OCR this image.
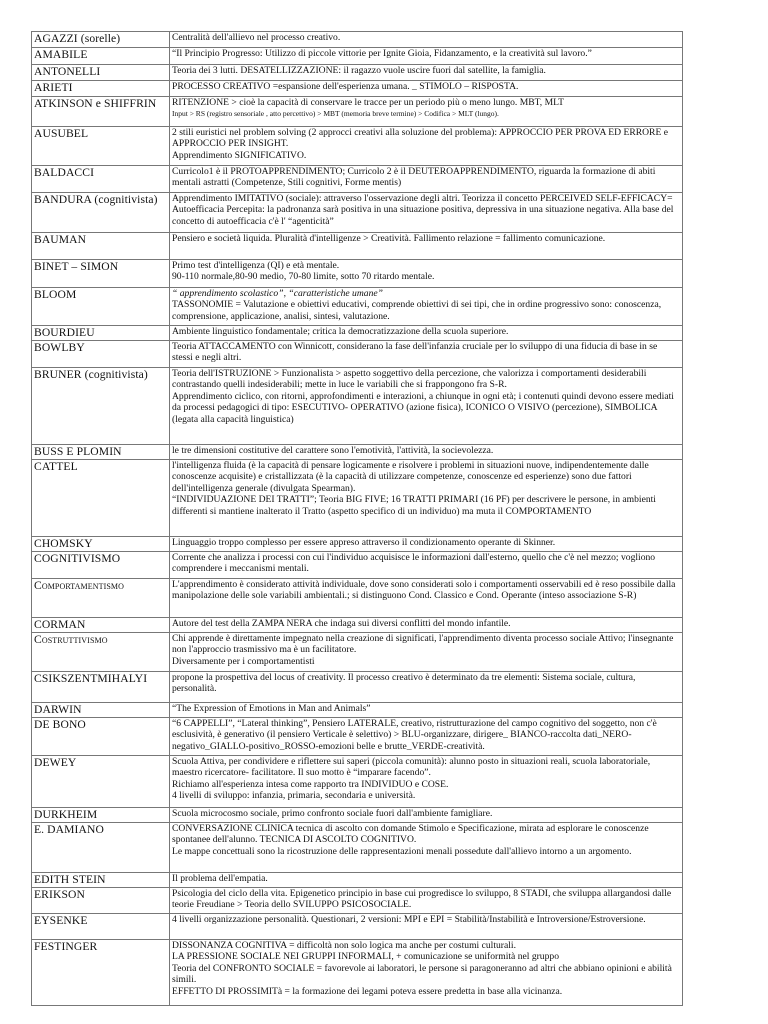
AGAZZI (sorelle)	Centralità dell'allievo nel processo creativo.

AMABILE	“Il Principio Progresso: Utilizzo di piccole vittorie per Ignite Gioia, Fidanzamento, e la creatività sul lavoro.”

ANTONELLI	Teoria dei 3 lutti. DESATELLIZZAZIONE: il ragazzo vuole uscire fuori dal satellite, la famiglia.

ARIETI	PROCESSO CREATIVO =espansione dell'esperienza umana. _ STIMOLO – RISPOSTA.

ATKINSON e SHIFFRIN	RITENZIONE > cioè la capacità di conservare le tracce per un periodo più o meno lungo. MBT, MLT
Input > RS (registro sensoriale , atto percettivo) > MBT (memoria breve termine) > Codifica > MLT (lungo).

AUSUBEL	2 stili euristici nel problem solving (2 approcci creativi alla soluzione del problema): APPROCCIO PER PROVA ED ERRORE e APPROCCIO PER INSIGHT.
Apprendimento SIGNIFICATIVO.

BALDACCI	Curricolo1 è il PROTOAPPRENDIMENTO; Curricolo 2 è il DEUTEROAPPRENDIMENTO, riguarda la formazione di abiti mentali astratti (Competenze, Stili cognitivi, Forme mentis)

BANDURA (cognitivista)	Apprendimento IMITATIVO (sociale): attraverso l'osservazione degli altri. Teorizza il concetto PERCEIVED SELF-EFFICACY= Autoefficacia Percepita: la padronanza sarà positiva in una situazione positiva, depressiva in una situazione negativa. Alla base del concetto di autoefficacia c'è l' “agenticità”

BAUMAN	Pensiero e società liquida. Pluralità d'intelligenze > Creatività. Fallimento relazione = fallimento comunicazione.

BINET – SIMON	Primo test d'intelligenza (QI) e età mentale.
90-110 normale,80-90 medio, 70-80 limite, sotto 70 ritardo mentale.

BLOOM	“ apprendimento scolastico”, “caratteristiche umane”
TASSONOMIE = Valutazione e obiettivi educativi, comprende obiettivi di sei tipi, che in ordine progressivo sono: conoscenza, comprensione, applicazione, analisi, sintesi, valutazione.

BOURDIEU	Ambiente linguistico fondamentale; critica la democratizzazione della scuola superiore.

BOWLBY	Teoria ATTACCAMENTO con Winnicott, considerano la fase dell'infanzia cruciale per lo sviluppo di una fiducia di base in se stessi e negli altri.

BRUNER (cognitivista)	Teoria dell'ISTRUZIONE > Funzionalista > aspetto soggettivo della percezione, che valorizza i comportamenti desiderabili contrastando quelli indesiderabili; mette in luce le variabili che si frappongono fra S-R.
Apprendimento ciclico, con ritorni, approfondimenti e interazioni, a chiunque in ogni età; i contenuti quindi devono essere mediati da processi pedagogici di tipo: ESECUTIVO- OPERATIVO (azione fisica), ICONICO O VISIVO (percezione), SIMBOLICA (legata alla capacità linguistica)

BUSS E PLOMIN	le tre dimensioni costitutive del carattere sono l'emotività, l'attività, la socievolezza.

CATTEL	l'intelligenza fluida (è la capacità di pensare logicamente e risolvere i problemi in situazioni nuove, indipendentemente dalle conoscenze acquisite) e cristallizzata (è la capacità di utilizzare competenze, conoscenze ed esperienze) sono due fattori dell'intelligenza generale (divulgata Spearman).
“INDIVIDUAZIONE DEI TRATTI”; Teoria BIG FIVE; 16 TRATTI PRIMARI (16 PF) per descrivere le persone, in ambienti differenti si mantiene inalterato il Tratto (aspetto specifico di un individuo) ma muta il COMPORTAMENTO

CHOMSKY	Linguaggio troppo complesso per essere appreso attraverso il condizionamento operante di Skinner.

COGNITIVISMO	Corrente che analizza i processi con cui l'individuo acquisisce le informazioni dall'esterno, quello che c'è nel mezzo; vogliono comprendere i meccanismi mentali.

Comportamentismo	L'apprendimento è considerato attività individuale, dove sono considerati solo i comportamenti osservabili ed è reso possibile dalla manipolazione delle sole variabili ambientali.; si distinguono Cond. Classico e Cond. Operante (inteso associazione S-R)

CORMAN	Autore del test della ZAMPA NERA che indaga sui diversi conflitti del mondo infantile.

Costruttivismo	Chi apprende è direttamente impegnato nella creazione di significati, l'apprendimento diventa processo sociale Attivo; l'insegnante non l'approccio trasmissivo ma è un facilitatore.
Diversamente per i comportamentisti

CSIKSZENTMIHALYI	propone la prospettiva del locus of creativity. Il processo creativo è determinato da tre elementi: Sistema sociale, cultura, personalità.

DARWIN	“The Expression of Emotions in Man and Animals”

DE BONO	“6 CAPPELLI”, “Lateral thinking”, Pensiero LATERALE, creativo, ristrutturazione del campo cognitivo del soggetto, non c'è esclusività, è generativo (il pensiero Verticale è selettivo) > BLU-organizzare, dirigere_ BIANCO-raccolta dati_NERO-negativo_GIALLO-positivo_ROSSO-emozioni belle e brutte_VERDE-creatività.

DEWEY	Scuola Attiva, per condividere e riflettere sui saperi (piccola comunità): alunno posto in situazioni reali, scuola laboratoriale, maestro ricercatore- facilitatore. Il suo motto è “imparare facendo”.
Richiamo all'esperienza intesa come rapporto tra INDIVIDUO e COSE.
4 livelli di sviluppo: infanzia, primaria, secondaria e università.

DURKHEIM	Scuola microcosmo sociale, primo confronto sociale fuori dall'ambiente famigliare.

E. DAMIANO	CONVERSAZIONE CLINICA tecnica di ascolto con domande Stimolo e Specificazione, mirata ad esplorare le conoscenze spontanee dell'alunno. TECNICA DI ASCOLTO COGNITIVO.
Le mappe concettuali sono la ricostruzione delle rappresentazioni menali possedute dall'allievo intorno a un argomento.

EDITH STEIN	Il problema dell'empatia.

ERIKSON	Psicologia del ciclo della vita. Epigenetico principio in base cui progredisce lo sviluppo, 8 STADI, che sviluppa allargandosi dalle teorie Freudiane > Teoria dello SVILUPPO PSICOSOCIALE.

EYSENKE	4 livelli organizzazione personalità. Questionari, 2 versioni: MPI e EPI = Stabilità/Instabilità e Introversione/Estroversione.

FESTINGER	DISSONANZA COGNITIVA = difficoltà non solo logica ma anche per costumi culturali.
LA PRESSIONE SOCIALE NEI GRUPPI INFORMALI, + comunicazione se uniformità nel gruppo
Teoria del CONFRONTO SOCIALE = favorevole ai laboratori, le persone si paragoneranno ad altri che abbiano opinioni e abilità simili.
EFFETTO DI PROSSIMITà = la formazione dei legami poteva essere predetta in base alla vicinanza.
